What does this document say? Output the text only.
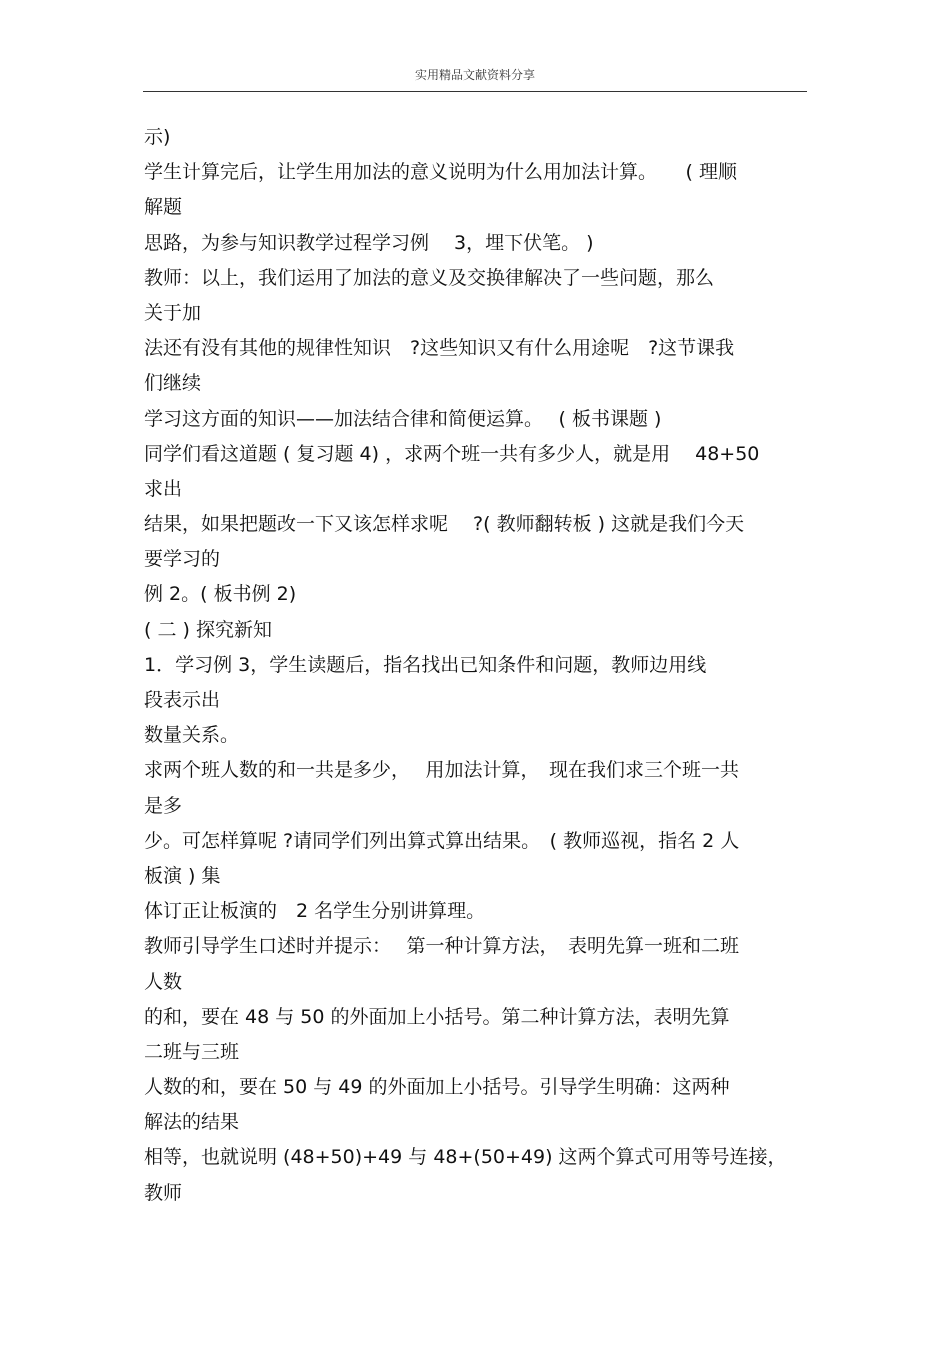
实用精品文献资料分享
示)
学生计算完后，让学生用加法的意义说明为什么用加法计算。　　( 理顺
解题
思路，为参与知识教学过程学习例　 3，埋下伏笔。 )
教师：以上，我们运用了加法的意义及交换律解决了一些问题，那么
关于加
法还有没有其他的规律性知识　?这些知识又有什么用途呢　?这节课我
们继续
学习这方面的知识——加法结合律和简便运算。　 ( 板书课题 )
同学们看这道题 ( 复习题 4) ，求两个班一共有多少人，就是用　 48+50
求出
结果，如果把题改一下又该怎样求呢　 ?( 教师翻转板 ) 这就是我们今天
要学习的
例 2。( 板书例 2)
( 二 ) 探究新知
1．学习例 3，学生读题后，指名找出已知条件和问题，教师边用线
段表示出
数量关系。
求两个班人数的和一共是多少，　 用加法计算，　现在我们求三个班一共
是多
少。可怎样算呢 ?请同学们列出算式算出结果。　( 教师巡视，指名 2 人
板演 ) 集
体订正让板演的　2 名学生分别讲算理。
教师引导学生口述时并提示：　 第一种计算方法，　表明先算一班和二班
人数
的和，要在 48 与 50 的外面加上小括号。第二种计算方法，表明先算
二班与三班
人数的和，要在 50 与 49 的外面加上小括号。引导学生明确：这两种
解法的结果
相等，也就说明 (48+50)+49 与 48+(50+49) 这两个算式可用等号连接，
教师
